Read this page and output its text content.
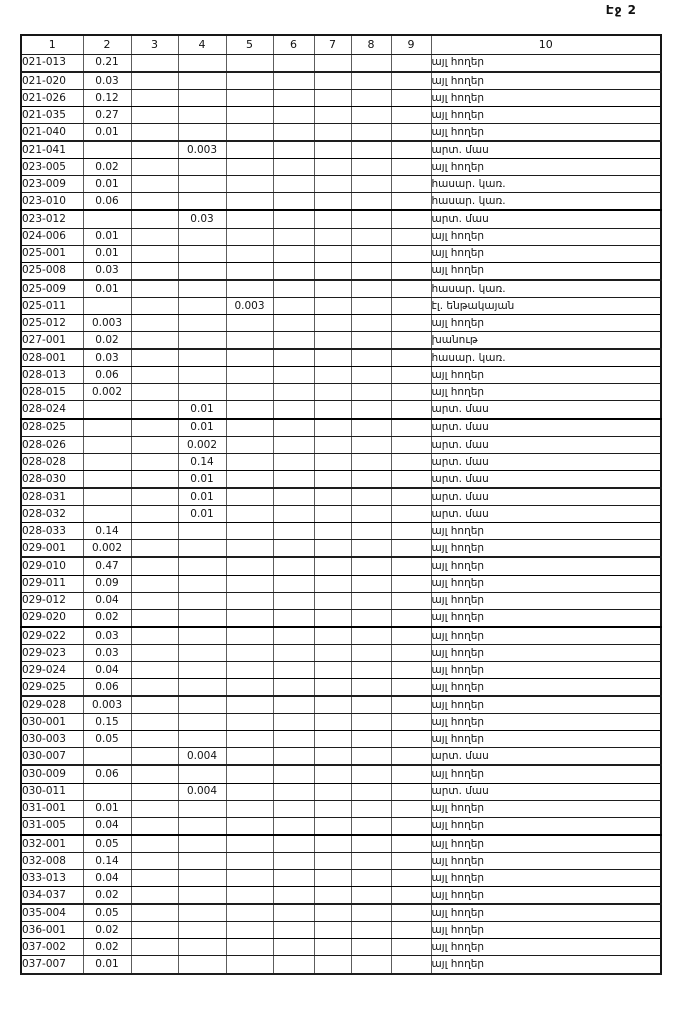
Էջ 2
1	2	3	4	5	6	7	8	9	10
021-013	0.21								այլ հողեր
021-020	0.03								այլ հողեր
021-026	0.12								այլ հողեր
021-035	0.27								այլ հողեր
021-040	0.01								այլ հողեր
021-041			0.003						արտ. մաս
023-005	0.02								այլ հողեր
023-009	0.01								հասար. կառ.
023-010	0.06								հասար. կառ.
023-012			0.03						արտ. մաս
024-006	0.01								այլ հողեր
025-001	0.01								այլ հողեր
025-008	0.03								այլ հողեր
025-009	0.01								հասար. կառ.
025-011				0.003					էլ. ենթակայան
025-012	0.003								այլ հողեր
027-001	0.02								խանութ
028-001	0.03								հասար. կառ.
028-013	0.06								այլ հողեր
028-015	0.002								այլ հողեր
028-024			0.01						արտ. մաս
028-025			0.01						արտ. մաս
028-026			0.002						արտ. մաս
028-028			0.14						արտ. մաս
028-030			0.01						արտ. մաս
028-031			0.01						արտ. մաս
028-032			0.01						արտ. մաս
028-033	0.14								այլ հողեր
029-001	0.002								այլ հողեր
029-010	0.47								այլ հողեր
029-011	0.09								այլ հողեր
029-012	0.04								այլ հողեր
029-020	0.02								այլ հողեր
029-022	0.03								այլ հողեր
029-023	0.03								այլ հողեր
029-024	0.04								այլ հողեր
029-025	0.06								այլ հողեր
029-028	0.003								այլ հողեր
030-001	0.15								այլ հողեր
030-003	0.05								այլ հողեր
030-007			0.004						արտ. մաս
030-009	0.06								այլ հողեր
030-011			0.004						արտ. մաս
031-001	0.01								այլ հողեր
031-005	0.04								այլ հողեր
032-001	0.05								այլ հողեր
032-008	0.14								այլ հողեր
033-013	0.04								այլ հողեր
034-037	0.02								այլ հողեր
035-004	0.05								այլ հողեր
036-001	0.02								այլ հողեր
037-002	0.02								այլ հողեր
037-007	0.01								այլ հողեր
